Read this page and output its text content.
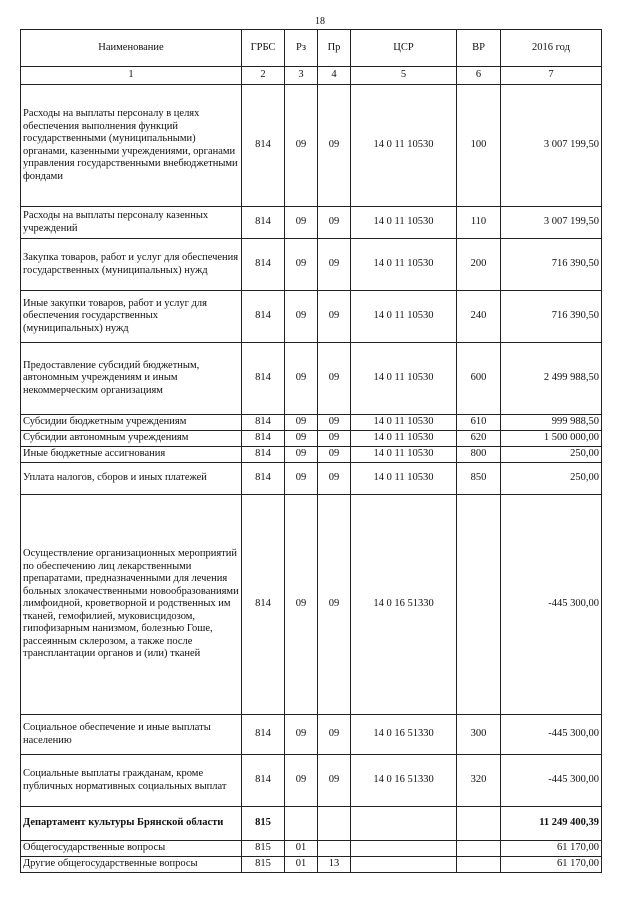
18
Наименование	ГРБС	Рз	Пр	ЦСР	ВР	2016 год
1	2	3	4	5	6	7
Расходы на выплаты персоналу в целях обеспечения выполнения функций государственными (муниципальными) органами, казенными учреждениями, органами управления государственными внебюджетными фондами	814	09	09	14 0 11 10530	100	3 007 199,50
Расходы на выплаты персоналу казенных учреждений	814	09	09	14 0 11 10530	110	3 007 199,50
Закупка товаров, работ и услуг для обеспечения государственных (муниципальных) нужд	814	09	09	14 0 11 10530	200	716 390,50
Иные закупки товаров, работ и услуг для обеспечения государственных (муниципальных) нужд	814	09	09	14 0 11 10530	240	716 390,50
Предоставление субсидий бюджетным, автономным учреждениям и иным некоммерческим организациям	814	09	09	14 0 11 10530	600	2 499 988,50
Субсидии бюджетным учреждениям	814	09	09	14 0 11 10530	610	999 988,50
Субсидии автономным учреждениям	814	09	09	14 0 11 10530	620	1 500 000,00
Иные бюджетные ассигнования	814	09	09	14 0 11 10530	800	250,00
Уплата налогов, сборов и иных платежей	814	09	09	14 0 11 10530	850	250,00
Осуществление организационных мероприятий по обеспечению лиц лекарственными препаратами, предназначенными для лечения больных злокачественными новообразованиями лимфоидной, кроветворной и родственных им тканей, гемофилией, муковисцидозом, гипофизарным нанизмом, болезнью Гоше, рассеянным склерозом, а также после трансплантации органов и (или) тканей	814	09	09	14 0 16 51330		-445 300,00
Социальное обеспечение и иные выплаты населению	814	09	09	14 0 16 51330	300	-445 300,00
Социальные выплаты гражданам, кроме публичных нормативных социальных выплат	814	09	09	14 0 16 51330	320	-445 300,00
Департамент культуры Брянской области	815					11 249 400,39
Общегосударственные вопросы	815	01				61 170,00
Другие общегосударственные вопросы	815	01	13			61 170,00
